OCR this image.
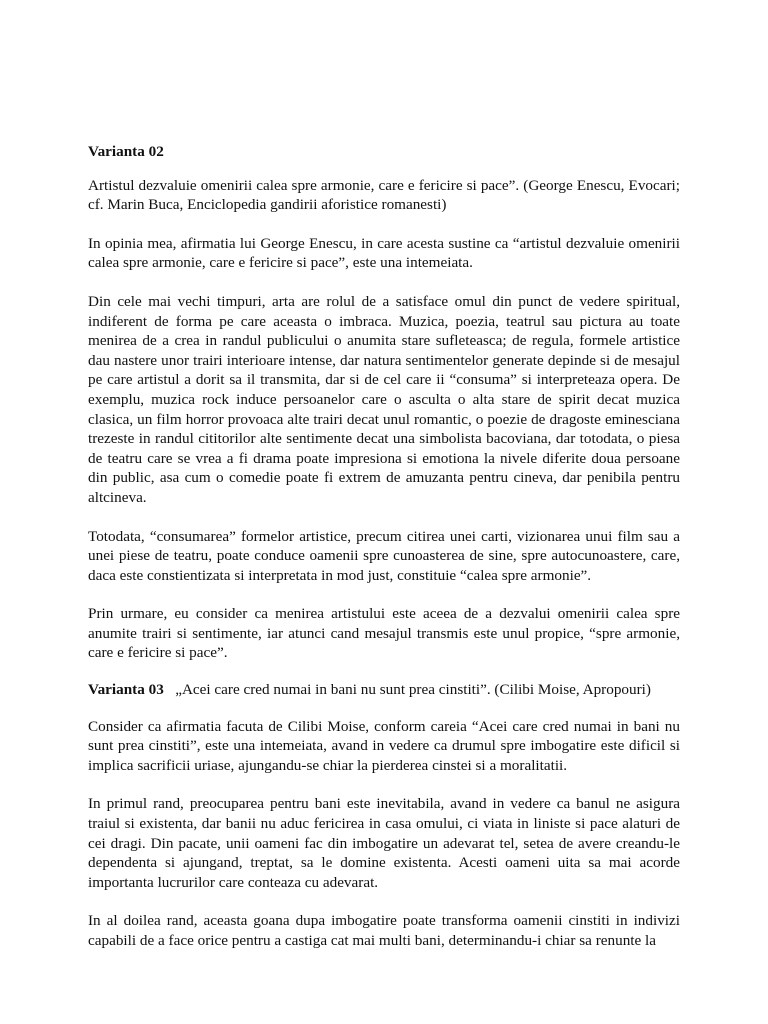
Varianta 02

Artistul dezvaluie omenirii calea spre armonie, care e fericire si pace”. (George Enescu, Evocari; cf. Marin Buca, Enciclopedia gandirii aforistice romanesti)

In opinia mea, afirmatia lui George Enescu, in care acesta sustine ca “artistul dezvaluie omenirii calea spre armonie, care e fericire si pace”, este una intemeiata.

Din cele mai vechi timpuri, arta are rolul de a satisface omul din punct de vedere spiritual, indiferent de forma pe care aceasta o imbraca. Muzica, poezia, teatrul sau pictura au toate menirea de a crea in randul publicului o anumita stare sufleteasca; de regula, formele artistice dau nastere unor trairi interioare intense, dar natura sentimentelor generate depinde si de mesajul pe care artistul a dorit sa il transmita, dar si de cel care ii “consuma” si interpreteaza opera. De exemplu, muzica rock induce persoanelor care o asculta o alta stare de spirit decat muzica clasica, un film horror provoaca alte trairi decat unul romantic, o poezie de dragoste eminesciana trezeste in randul cititorilor alte sentimente decat una simbolista bacoviana, dar totodata, o piesa de teatru care se vrea a fi drama poate impresiona si emotiona la nivele diferite doua persoane din public, asa cum o comedie poate fi extrem de amuzanta pentru cineva, dar penibila pentru altcineva.

Totodata, “consumarea” formelor artistice, precum citirea unei carti, vizionarea unui film sau a unei piese de teatru, poate conduce oamenii spre cunoasterea de sine, spre autocunoastere, care, daca este constientizata si interpretata in mod just, constituie “calea spre armonie”.

Prin urmare, eu consider ca menirea artistului este aceea de a dezvalui omenirii calea spre anumite trairi si sentimente, iar atunci cand mesajul transmis este unul propice, “spre armonie, care e fericire si pace”.

Varianta 03 „Acei care cred numai in bani nu sunt prea cinstiti”. (Cilibi Moise, Apropouri)

Consider ca afirmatia facuta de Cilibi Moise, conform careia “Acei care cred numai in bani nu sunt prea cinstiti”, este una intemeiata, avand in vedere ca drumul spre imbogatire este dificil si implica sacrificii uriase, ajungandu-se chiar la pierderea cinstei si a moralitatii.

In primul rand, preocuparea pentru bani este inevitabila, avand in vedere ca banul ne asigura traiul si existenta, dar banii nu aduc fericirea in casa omului, ci viata in liniste si pace alaturi de cei dragi. Din pacate, unii oameni fac din imbogatire un adevarat tel, setea de avere creandu-le dependenta si ajungand, treptat, sa le domine existenta. Acesti oameni uita sa mai acorde importanta lucrurilor care conteaza cu adevarat.

In al doilea rand, aceasta goana dupa imbogatire poate transforma oamenii cinstiti in indivizi capabili de a face orice pentru a castiga cat mai multi bani, determinandu-i chiar sa renunte la
